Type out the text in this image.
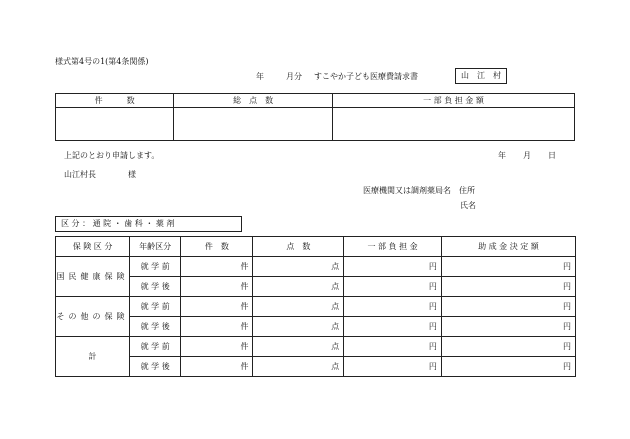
様式第4号の1(第4条関係)
年	月分 すこやか子ども医療費請求書	山　江　村
件　　　数	総　点　数	一 部 負 担 金 額

上記のとおり申請します。	年 月 日
山江村長	様
医療機関又は調剤薬局名　住所
氏名
区 分 ： 通 院 ・ 歯 科 ・ 薬 剤
保 険 区 分	年齢区分	件　数	点　数	一 部 負 担 金	助 成 金 決 定 額
国民健康保険	就 学 前	件	点	円	円
	就 学 後	件	点	円	円
その他の保険	就 学 前	件	点	円	円
	就 学 後	件	点	円	円
計	就 学 前	件	点	円	円
	就 学 後	件	点	円	円
